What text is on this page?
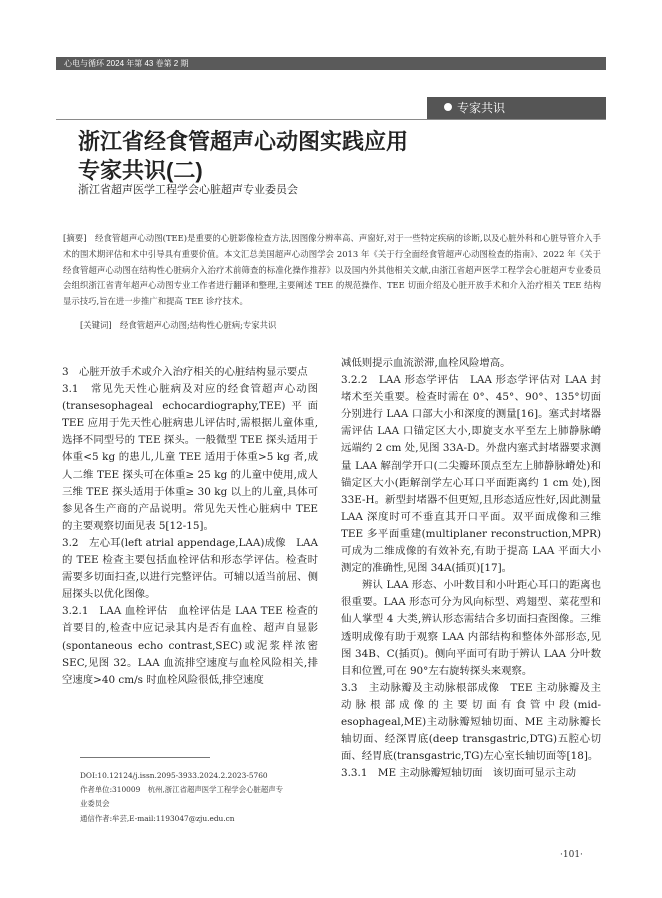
心电与循环 2024 年第 43 卷第 2 期
专家共识
浙江省经食管超声心动图实践应用
专家共识(二)
浙江省超声医学工程学会心脏超声专业委员会

[摘要]　经食管超声心动图(TEE)是重要的心脏影像检查方法,因图像分辨率高、声窗好,对于一些特定疾病的诊断,以及心脏外科和心脏导管介入手术的围术期评估和术中引导具有重要价值。本文汇总美国超声心动图学会 2013 年《关于行全面经食管超声心动图检查的指南》、2022 年《关于经食管超声心动图在结构性心脏病介入治疗术前筛查的标准化操作推荐》以及国内外其他相关文献,由浙江省超声医学工程学会心脏超声专业委员会组织浙江省青年超声心动图专业工作者进行翻译和整理,主要阐述 TEE 的规范操作、TEE 切面介绍及心脏开放手术和介入治疗相关 TEE 结构显示技巧,旨在进一步推广和提高 TEE 诊疗技术。

[关键词]　经食管超声心动图;结构性心脏病;专家共识

3　心脏开放手术或介入治疗相关的心脏结构显示要点

3.1　常见先天性心脏病及对应的经食管超声心动图(transesophageal echocardiography,TEE)平面　TEE 应用于先天性心脏病患儿评估时,需根据儿童体重,选择不同型号的 TEE 探头。一般微型 TEE 探头适用于体重<5 kg 的患儿,儿童 TEE 适用于体重>5 kg 者,成人二维 TEE 探头可在体重≥ 25 kg 的儿童中使用,成人三维 TEE 探头适用于体重≥ 30 kg 以上的儿童,具体可参见各生产商的产品说明。常见先天性心脏病中 TEE 的主要观察切面见表 5[12-15]。

3.2　左心耳(left atrial appendage,LAA)成像　LAA 的 TEE 检查主要包括血栓评估和形态学评估。检查时需要多切面扫查,以进行完整评估。可辅以适当前屈、侧屈探头以优化图像。

3.2.1　LAA 血栓评估　血栓评估是 LAA TEE 检查的首要目的,检查中应记录其内是否有血栓、超声自显影(spontaneous echo contrast,SEC)或泥浆样浓密 SEC,见图 32。LAA 血流排空速度与血栓风险相关,排空速度>40 cm/s 时血栓风险很低,排空速度

减低则提示血流淤滞,血栓风险增高。

3.2.2　LAA 形态学评估　LAA 形态学评估对 LAA 封堵术至关重要。检查时需在 0°、45°、90°、135°切面分别进行 LAA 口部大小和深度的测量[16]。塞式封堵器需评估 LAA 口锚定区大小,即旋支水平至左上肺静脉嵴远端约 2 cm 处,见图 33A-D。外盘内塞式封堵器要求测量 LAA 解剖学开口(二尖瓣环顶点至左上肺静脉嵴处)和锚定区大小(距解剖学左心耳口平面距离约 1 cm 处),图 33E-H。新型封堵器不但更短,且形态适应性好,因此测量 LAA 深度时可不垂直其开口平面。双平面成像和三维 TEE 多平面重建(multiplaner reconstruction,MPR)可成为二维成像的有效补充,有助于提高 LAA 平面大小测定的准确性,见图 34A(插页)[17]。

辨认 LAA 形态、小叶数目和小叶距心耳口的距离也很重要。LAA 形态可分为风向标型、鸡翅型、菜花型和仙人掌型 4 大类,辨认形态需结合多切面扫查图像。三维透明成像有助于观察 LAA 内部结构和整体外部形态,见图 34B、C(插页)。侧向平面可有助于辨认 LAA 分叶数目和位置,可在 90°左右旋转探头来观察。

3.3　主动脉瓣及主动脉根部成像　TEE 主动脉瓣及主动脉根部成像的主要切面有食管中段(mid-esophageal,ME)主动脉瓣短轴切面、ME 主动脉瓣长轴切面、经深胃底(deep transgastric,DTG)五腔心切面、经胃底(transgastric,TG)左心室长轴切面等[18]。

3.3.1　ME 主动脉瓣短轴切面　该切面可显示主动

DOI:10.12124/j.issn.2095-3933.2024.2.2023-5760

作者单位:310009　杭州,浙江省超声医学工程学会心脏超声专

业委员会

通信作者:牟芸,E-mail:1193047@zju.edu.cn

·101·
